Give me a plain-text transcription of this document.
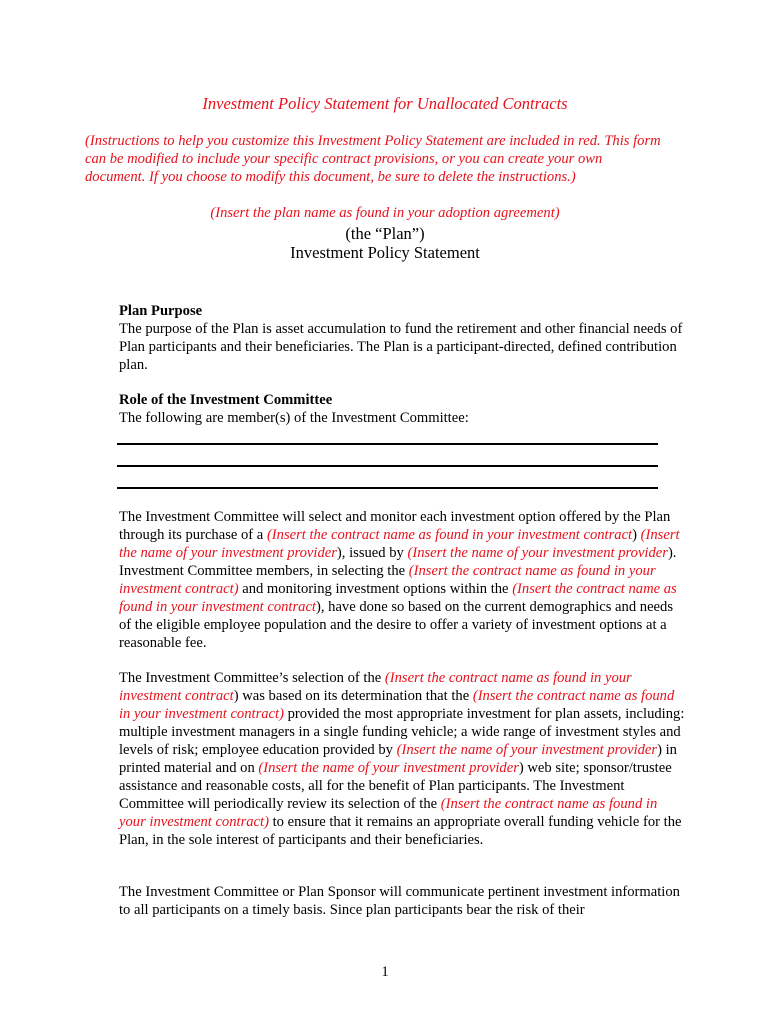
Investment Policy Statement for Unallocated Contracts
(Instructions to help you customize this Investment Policy Statement are included in red. This form can be modified to include your specific contract provisions, or you can create your own document. If you choose to modify this document, be sure to delete the instructions.)
(Insert the plan name as found in your adoption agreement)
(the “Plan”)
Investment Policy Statement
Plan Purpose
The purpose of the Plan is asset accumulation to fund the retirement and other financial needs of Plan participants and their beneficiaries. The Plan is a participant-directed, defined contribution plan.
Role of the Investment Committee
The following are member(s) of the Investment Committee:
The Investment Committee will select and monitor each investment option offered by the Plan through its purchase of a (Insert the contract name as found in your investment contract) (Insert the name of your investment provider), issued by (Insert the name of your investment provider). Investment Committee members, in selecting the (Insert the contract name as found in your investment contract) and monitoring investment options within the (Insert the contract name as found in your investment contract), have done so based on the current demographics and needs of the eligible employee population and the desire to offer a variety of investment options at a reasonable fee.
The Investment Committee’s selection of the (Insert the contract name as found in your investment contract) was based on its determination that the (Insert the contract name as found in your investment contract) provided the most appropriate investment for plan assets, including: multiple investment managers in a single funding vehicle; a wide range of investment styles and levels of risk; employee education provided by (Insert the name of your investment provider) in printed material and on (Insert the name of your investment provider) web site; sponsor/trustee assistance and reasonable costs, all for the benefit of Plan participants. The Investment Committee will periodically review its selection of the (Insert the contract name as found in your investment contract) to ensure that it remains an appropriate overall funding vehicle for the Plan, in the sole interest of participants and their beneficiaries.
The Investment Committee or Plan Sponsor will communicate pertinent investment information to all participants on a timely basis. Since plan participants bear the risk of their
1
